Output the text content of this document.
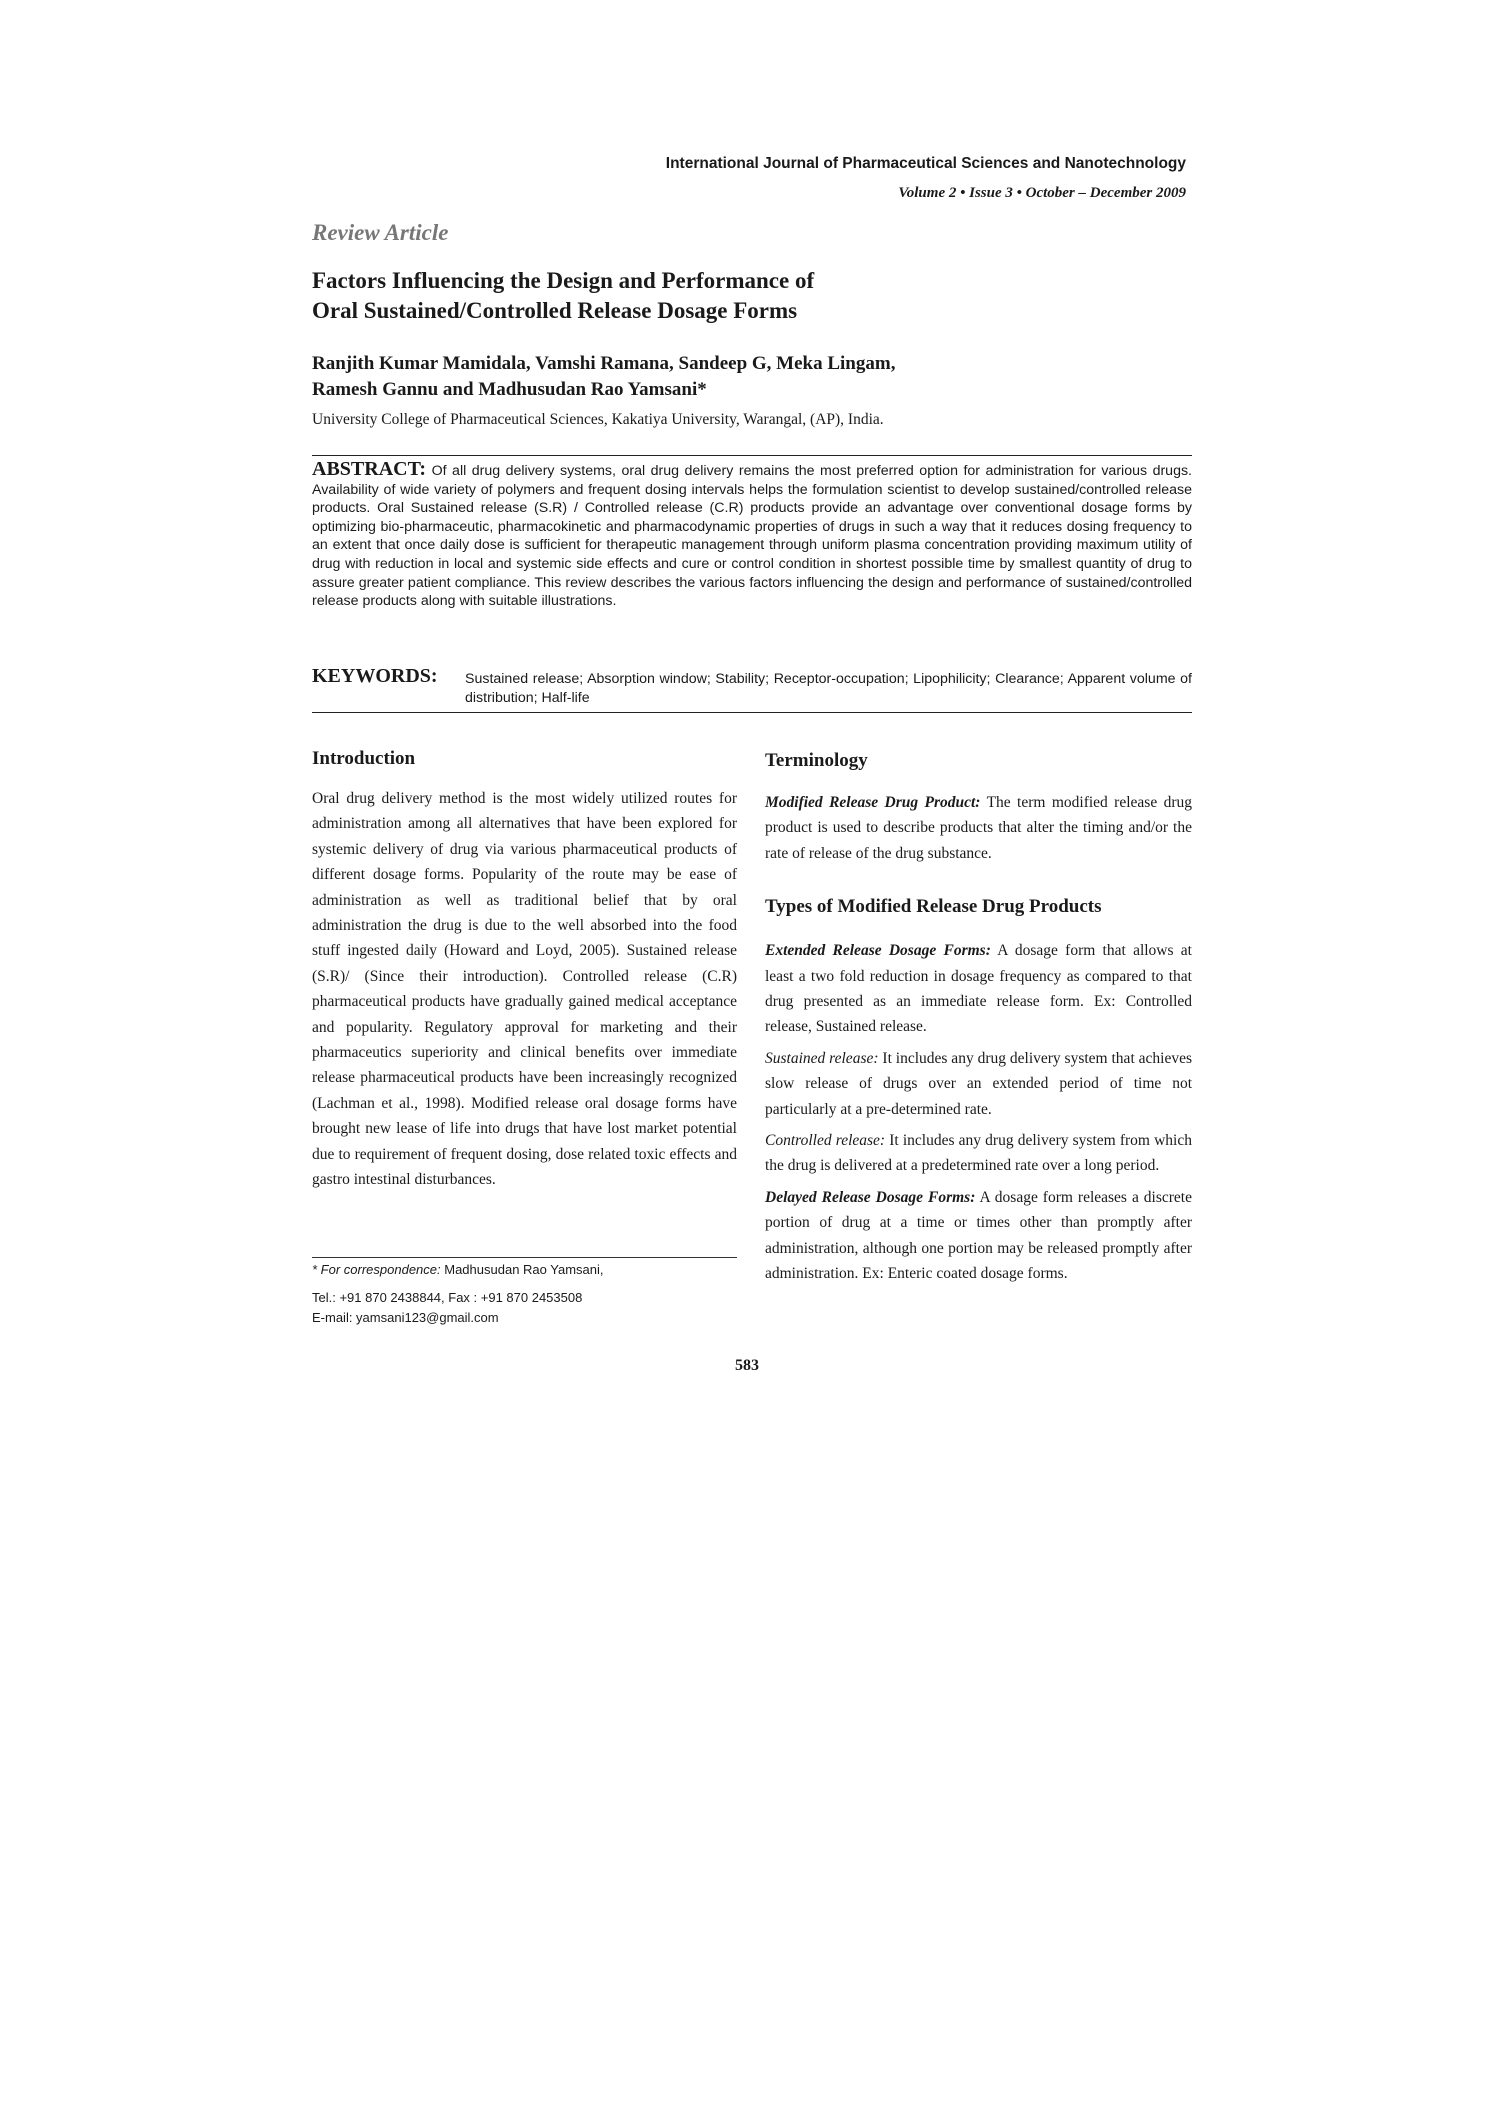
International Journal of Pharmaceutical Sciences and Nanotechnology
Volume 2 • Issue 3 • October – December 2009
Review Article
Factors Influencing the Design and Performance of
Oral Sustained/Controlled Release Dosage Forms
Ranjith Kumar Mamidala, Vamshi Ramana, Sandeep G, Meka Lingam,
Ramesh Gannu and Madhusudan Rao Yamsani*
University College of Pharmaceutical Sciences, Kakatiya University, Warangal, (AP), India.
ABSTRACT: Of all drug delivery systems, oral drug delivery remains the most preferred option for administration for various drugs. Availability of wide variety of polymers and frequent dosing intervals helps the formulation scientist to develop sustained/controlled release products. Oral Sustained release (S.R) / Controlled release (C.R) products provide an advantage over conventional dosage forms by optimizing bio-pharmaceutic, pharmacokinetic and pharmacodynamic properties of drugs in such a way that it reduces dosing frequency to an extent that once daily dose is sufficient for therapeutic management through uniform plasma concentration providing maximum utility of drug with reduction in local and systemic side effects and cure or control condition in shortest possible time by smallest quantity of drug to assure greater patient compliance. This review describes the various factors influencing the design and performance of sustained/controlled release products along with suitable illustrations.
KEYWORDS: Sustained release; Absorption window; Stability; Receptor-occupation; Lipophilicity; Clearance; Apparent volume of distribution; Half-life
Introduction

Oral drug delivery method is the most widely utilized routes for administration among all alternatives that have been explored for systemic delivery of drug via various pharmaceutical products of different dosage forms. Popularity of the route may be ease of administration as well as traditional belief that by oral administration the drug is due to the well absorbed into the food stuff ingested daily (Howard and Loyd, 2005). Sustained release (S.R)/ (Since their introduction). Controlled release (C.R) pharmaceutical products have gradually gained medical acceptance and popularity. Regulatory approval for marketing and their pharmaceutics superiority and clinical benefits over immediate release pharmaceutical products have been increasingly recognized (Lachman et al., 1998). Modified release oral dosage forms have brought new lease of life into drugs that have lost market potential due to requirement of frequent dosing, dose related toxic effects and gastro intestinal disturbances.

* For correspondence: Madhusudan Rao Yamsani,
Tel.: +91 870 2438844, Fax : +91 870 2453508
E-mail: yamsani123@gmail.com
Terminology

Modified Release Drug Product: The term modified release drug product is used to describe products that alter the timing and/or the rate of release of the drug substance.

Types of Modified Release Drug Products

Extended Release Dosage Forms: A dosage form that allows at least a two fold reduction in dosage frequency as compared to that drug presented as an immediate release form. Ex: Controlled release, Sustained release.

Sustained release: It includes any drug delivery system that achieves slow release of drugs over an extended period of time not particularly at a pre-determined rate.

Controlled release: It includes any drug delivery system from which the drug is delivered at a predetermined rate over a long period.

Delayed Release Dosage Forms: A dosage form releases a discrete portion of drug at a time or times other than promptly after administration, although one portion may be released promptly after administration. Ex: Enteric coated dosage forms.

583
